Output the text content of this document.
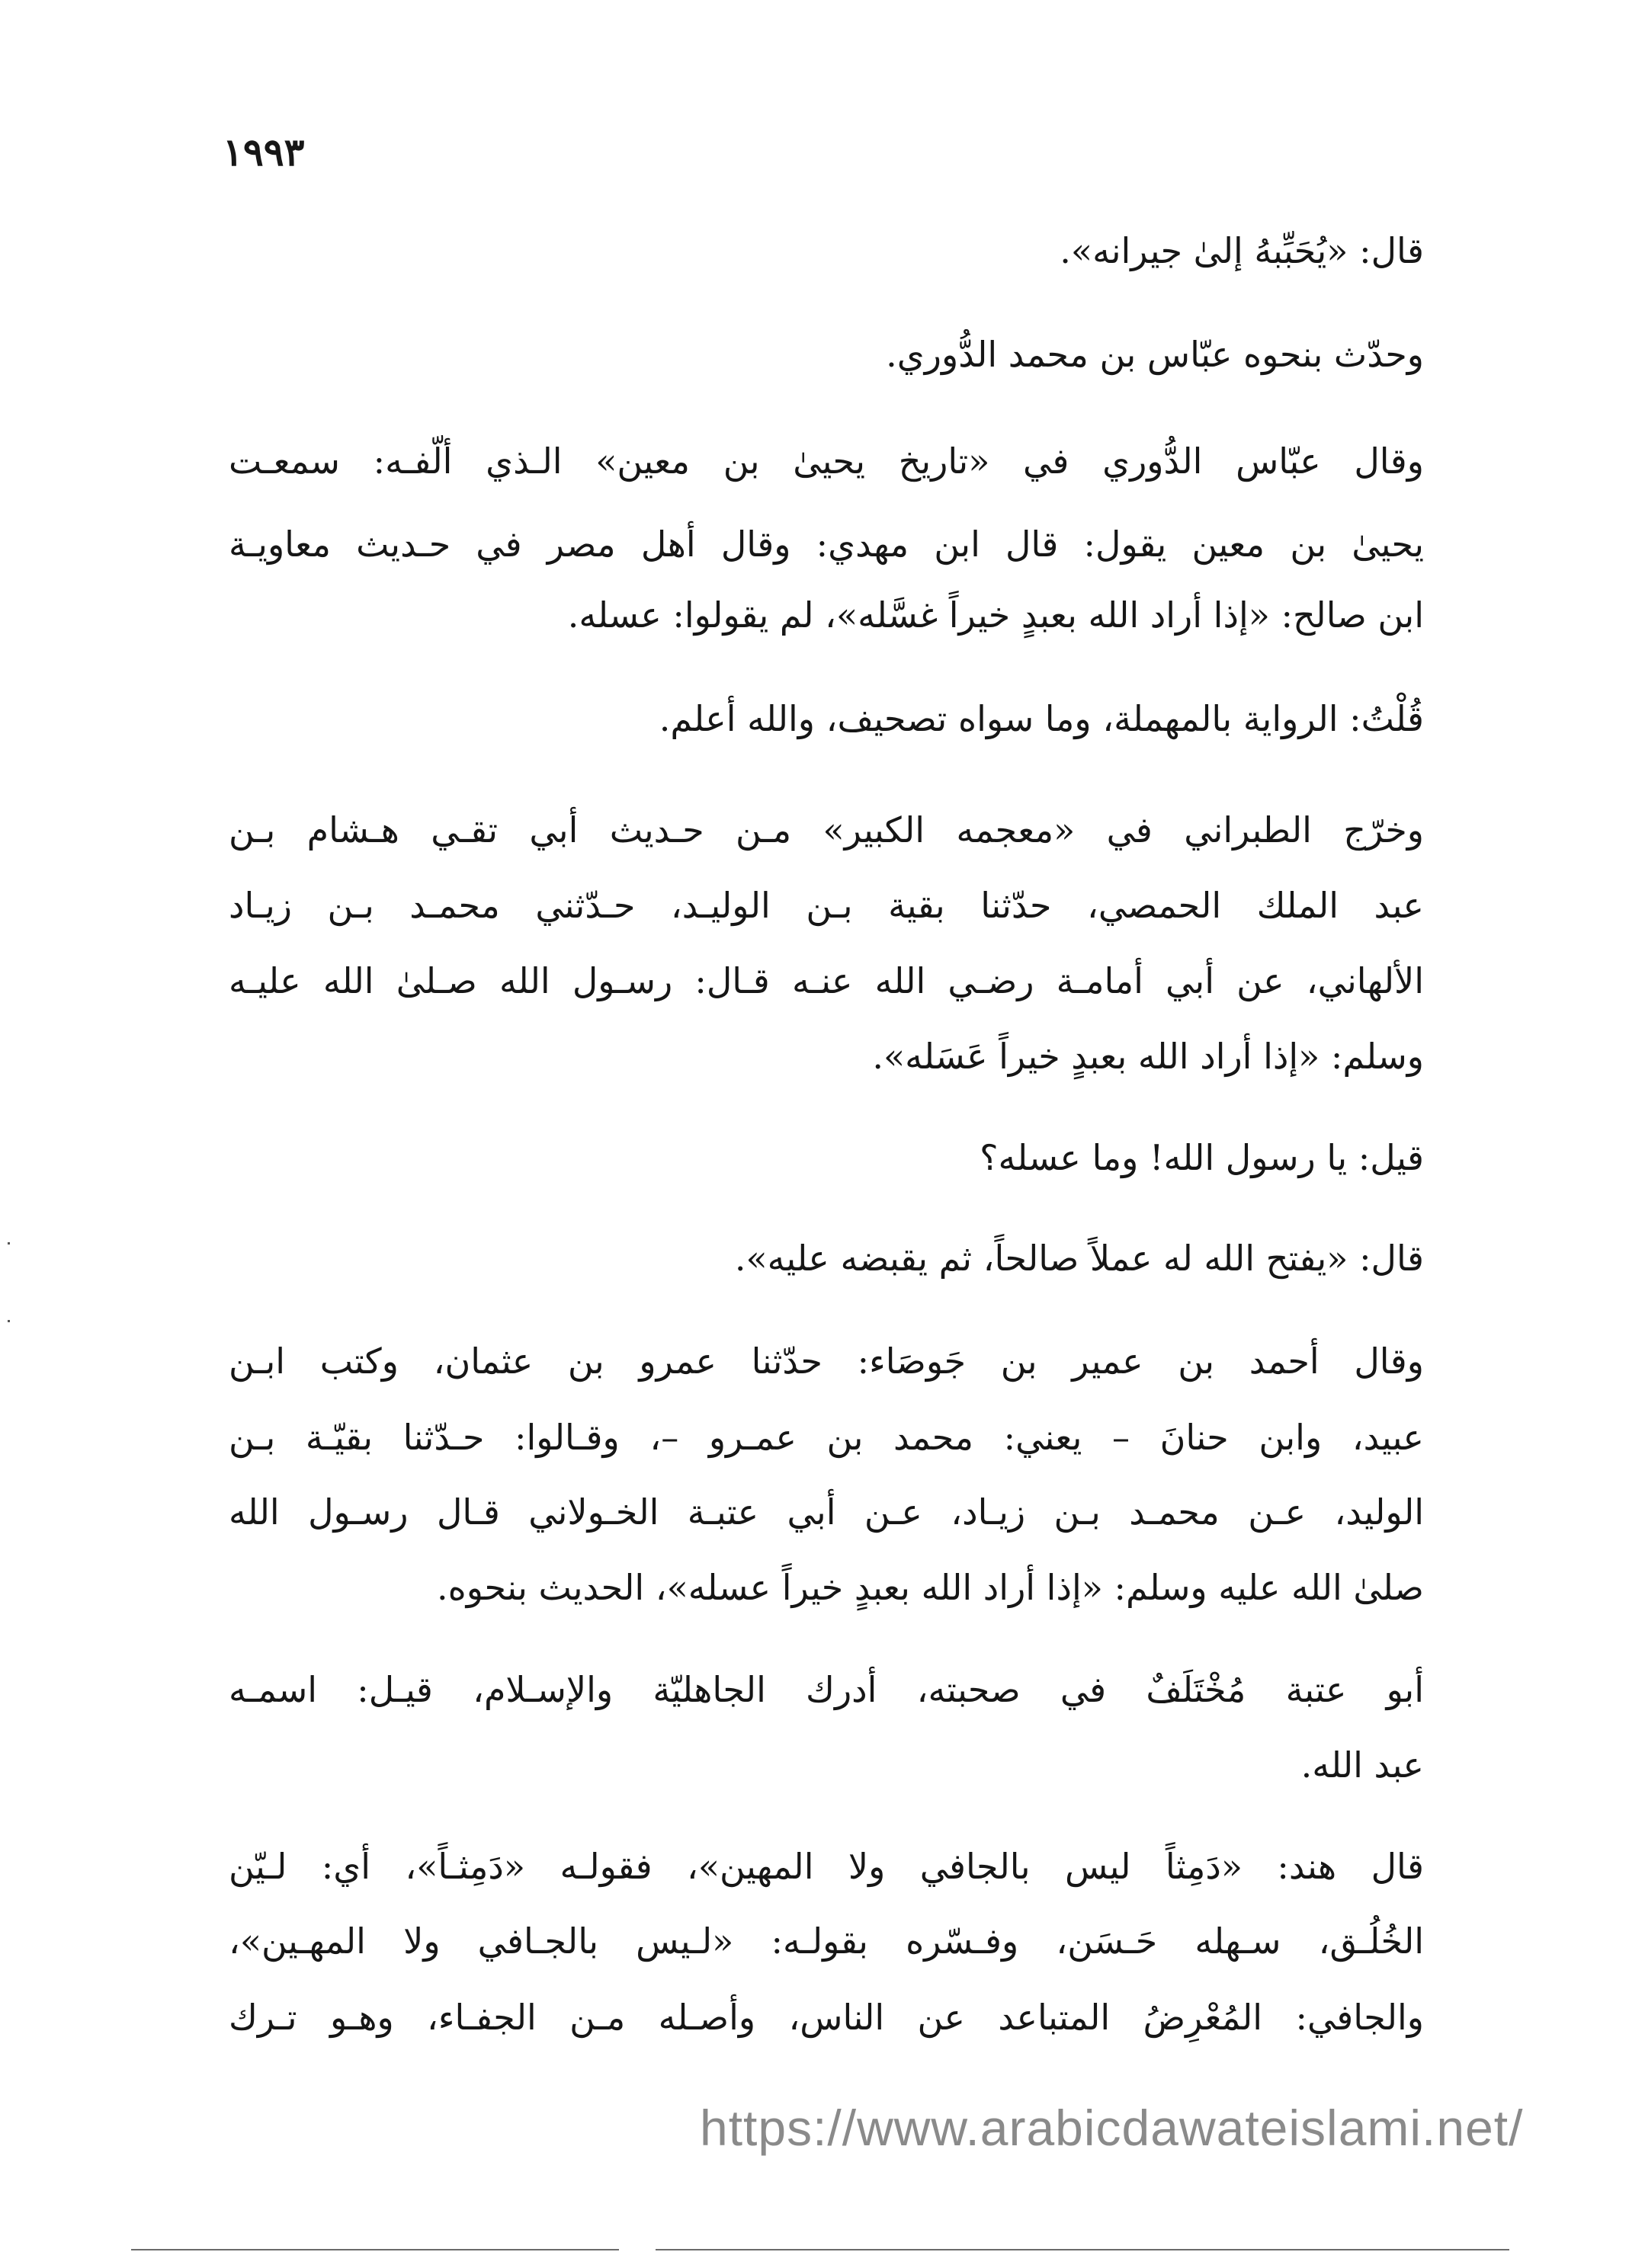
١٩٩٣
قال: «يُحَبِّبهُ إلىٰ جيرانه».
وحدّث بنحوه عبّاس بن محمد الدُّوري.
وقال عبّاس الدُّوري في «تاريخ يحيىٰ بن معين» الـذي ألّفـه: سمعـت
يحيىٰ بن معين يقول: قال ابن مهدي: وقال أهل مصر في حـديث معاويـة
ابن صالح: «إذا أراد الله بعبدٍ خيراً غسَّله»، لم يقولوا: عسله.
قُلْتُ: الرواية بالمهملة، وما سواه تصحيف، والله أعلم.
وخرّج الطبراني في «معجمه الكبير» مـن حـديث أبي تقـي هـشام بـن
عبد الملك الحمصي، حدّثنا بقية بـن الوليـد، حـدّثني محمـد بـن زيـاد
الألهاني، عن أبي أمامـة رضـي الله عنـه قـال: رسـول الله صـلىٰ الله عليـه
وسلم: «إذا أراد الله بعبدٍ خيراً عَسَله».
قيل: يا رسول الله! وما عسله؟
قال: «يفتح الله له عملاً صالحاً، ثم يقبضه عليه».
وقال أحمد بن عمير بن جَوصَاء: حدّثنا عمرو بن عثمان، وكتب ابـن
عبيد، وابن حنانَ – يعني: محمد بن عمـرو –، وقـالوا: حـدّثنا بقيّـة بـن
الوليد، عـن محمـد بـن زيـاد، عـن أبي عتبـة الخـولاني قـال رسـول الله
صلىٰ الله عليه وسلم: «إذا أراد الله بعبدٍ خيراً عسله»، الحديث بنحوه.
أبو عتبة مُخْتَلَفٌ في صحبته، أدرك الجاهليّة والإسـلام، قيـل: اسمـه
عبد الله.
قال هند: «دَمِثاً ليس بالجافي ولا المهين»، فقولـه «دَمِثـاً»، أي: لـيّن
الخُلُـق، سـهله حَـسَن، وفـسّره بقولـه: «لـيس بالجـافي ولا المهـين»،
والجافي: المُعْرِضُ المتباعد عن الناس، وأصـله مـن الجفـاء، وهـو تـرك
https://www.arabicdawateislami.net/
